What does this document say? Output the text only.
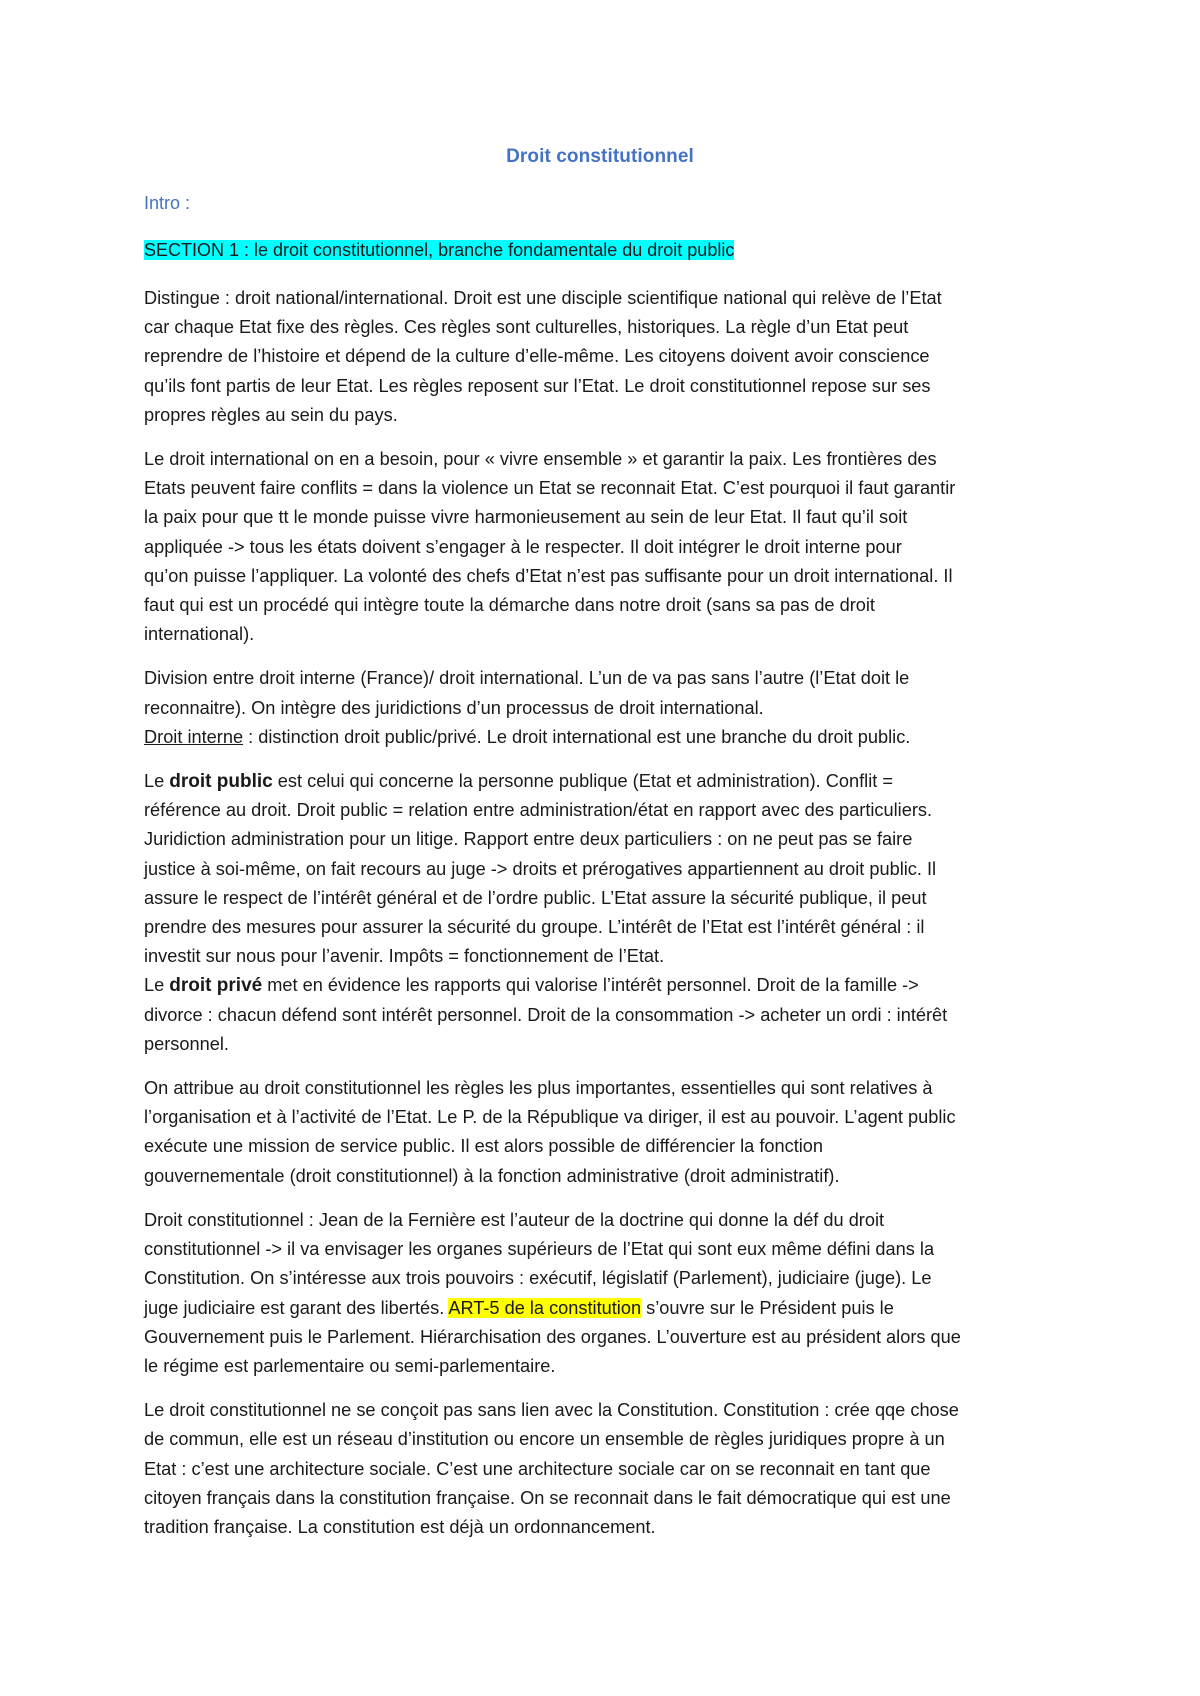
Droit constitutionnel
Intro :
SECTION 1 : le droit constitutionnel, branche fondamentale du droit public

Distingue : droit national/international. Droit est une disciple scientifique national qui relève de l’Etat
car chaque Etat fixe des règles. Ces règles sont culturelles, historiques. La règle d’un Etat peut
reprendre de l’histoire et dépend de la culture d’elle-même. Les citoyens doivent avoir conscience
qu’ils font partis de leur Etat. Les règles reposent sur l’Etat. Le droit constitutionnel repose sur ses
propres règles au sein du pays.

Le droit international on en a besoin, pour « vivre ensemble » et garantir la paix. Les frontières des
Etats peuvent faire conflits = dans la violence un Etat se reconnait Etat. C’est pourquoi il faut garantir
la paix pour que tt le monde puisse vivre harmonieusement au sein de leur Etat. Il faut qu’il soit
appliquée -> tous les états doivent s’engager à le respecter. Il doit intégrer le droit interne pour
qu’on puisse l’appliquer. La volonté des chefs d’Etat n’est pas suffisante pour un droit international. Il
faut qui est un procédé qui intègre toute la démarche dans notre droit (sans sa pas de droit
international).

Division entre droit interne (France)/ droit international. L’un de va pas sans l’autre (l’Etat doit le
reconnaitre). On intègre des juridictions d’un processus de droit international.
Droit interne : distinction droit public/privé. Le droit international est une branche du droit public.

Le droit public est celui qui concerne la personne publique (Etat et administration). Conflit =
référence au droit. Droit public = relation entre administration/état en rapport avec des particuliers.
Juridiction administration pour un litige. Rapport entre deux particuliers : on ne peut pas se faire
justice à soi-même, on fait recours au juge -> droits et prérogatives appartiennent au droit public. Il
assure le respect de l’intérêt général et de l’ordre public. L’Etat assure la sécurité publique, il peut
prendre des mesures pour assurer la sécurité du groupe. L’intérêt de l’Etat est l’intérêt général : il
investit sur nous pour l’avenir. Impôts = fonctionnement de l’Etat.
Le droit privé met en évidence les rapports qui valorise l’intérêt personnel. Droit de la famille ->
divorce : chacun défend sont intérêt personnel. Droit de la consommation -> acheter un ordi : intérêt
personnel.

On attribue au droit constitutionnel les règles les plus importantes, essentielles qui sont relatives à
l’organisation et à l’activité de l’Etat. Le P. de la République va diriger, il est au pouvoir. L’agent public
exécute une mission de service public. Il est alors possible de différencier la fonction
gouvernementale (droit constitutionnel) à la fonction administrative (droit administratif).

Droit constitutionnel : Jean de la Fernière est l’auteur de la doctrine qui donne la déf du droit
constitutionnel -> il va envisager les organes supérieurs de l’Etat qui sont eux même défini dans la
Constitution. On s’intéresse aux trois pouvoirs : exécutif, législatif (Parlement), judiciaire (juge). Le
juge judiciaire est garant des libertés. ART-5 de la constitution s’ouvre sur le Président puis le
Gouvernement puis le Parlement. Hiérarchisation des organes. L’ouverture est au président alors que
le régime est parlementaire ou semi-parlementaire.

Le droit constitutionnel ne se conçoit pas sans lien avec la Constitution. Constitution : crée qqe chose
de commun, elle est un réseau d’institution ou encore un ensemble de règles juridiques propre à un
Etat : c’est une architecture sociale. C’est une architecture sociale car on se reconnait en tant que
citoyen français dans la constitution française. On se reconnait dans le fait démocratique qui est une
tradition française. La constitution est déjà un ordonnancement.
